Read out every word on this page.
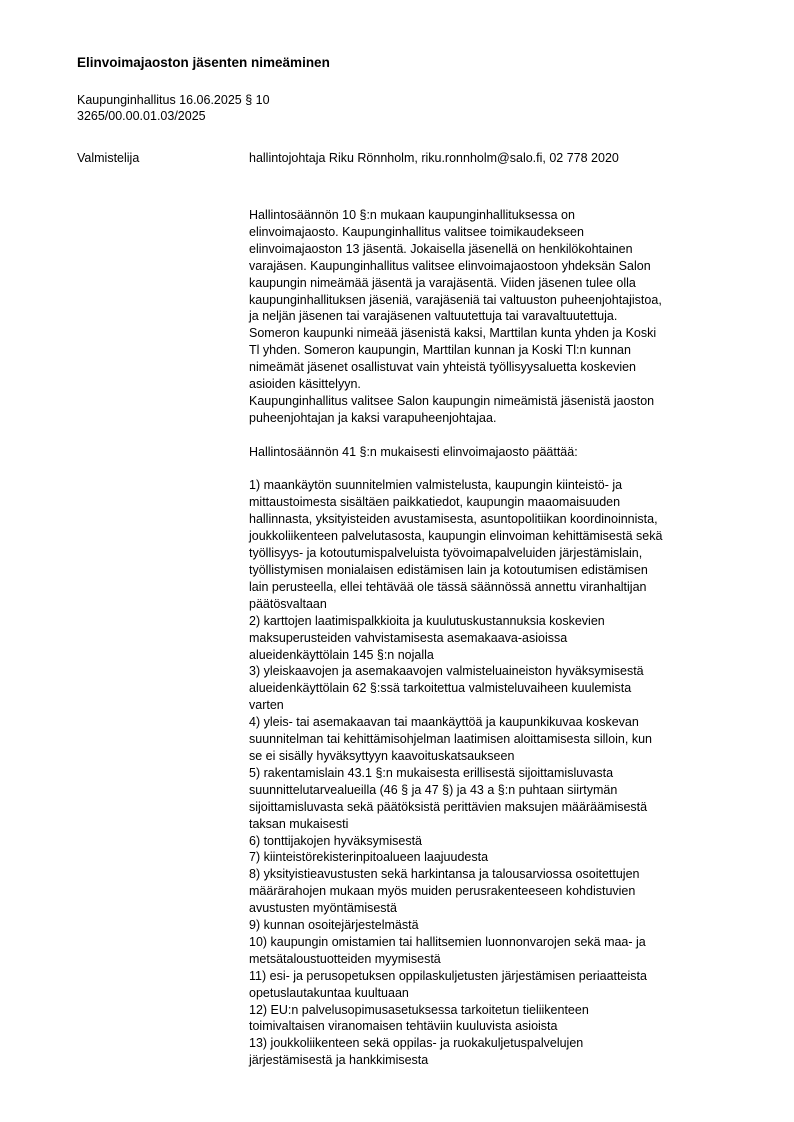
Elinvoimajaoston jäsenten nimeäminen
Kaupunginhallitus 16.06.2025 § 10
3265/00.00.01.03/2025
Valmistelija	hallintojohtaja Riku Rönnholm, riku.ronnholm@salo.fi, 02 778 2020

Hallintosäännön 10 §:n mukaan kaupunginhallituksessa on
elinvoimajaosto. Kaupunginhallitus valitsee toimikaudekseen
elinvoimajaoston 13 jäsentä. Jokaisella jäsenellä on henkilökohtainen
varajäsen. Kaupunginhallitus valitsee elinvoimajaostoon yhdeksän Salon
kaupungin nimeämää jäsentä ja varajäsentä. Viiden jäsenen tulee olla
kaupunginhallituksen jäseniä, varajäseniä tai valtuuston puheenjohtajistoa,
ja neljän jäsenen tai varajäsenen valtuutettuja tai varavaltuutettuja.
Someron kaupunki nimeää jäsenistä kaksi, Marttilan kunta yhden ja Koski
Tl yhden. Someron kaupungin, Marttilan kunnan ja Koski Tl:n kunnan
nimeämät jäsenet osallistuvat vain yhteistä työllisyysaluetta koskevien
asioiden käsittelyyn.
Kaupunginhallitus valitsee Salon kaupungin nimeämistä jäsenistä jaoston
puheenjohtajan ja kaksi varapuheenjohtajaa.

Hallintosäännön 41 §:n mukaisesti elinvoimajaosto päättää:

1) maankäytön suunnitelmien valmistelusta, kaupungin kiinteistö- ja
mittaustoimesta sisältäen paikkatiedot, kaupungin maaomaisuuden
hallinnasta, yksityisteiden avustamisesta, asuntopolitiikan koordinoinnista,
joukkoliikenteen palvelutasosta, kaupungin elinvoiman kehittämisestä sekä
työllisyys- ja kotoutumispalveluista työvoimapalveluiden järjestämislain,
työllistymisen monialaisen edistämisen lain ja kotoutumisen edistämisen
lain perusteella, ellei tehtävää ole tässä säännössä annettu viranhaltijan
päätösvaltaan
2) karttojen laatimispalkkioita ja kuulutuskustannuksia koskevien
maksuperusteiden vahvistamisesta asemakaava-asioissa
alueidenkäyttölain 145 §:n nojalla
3) yleiskaavojen ja asemakaavojen valmisteluaineiston hyväksymisestä
alueidenkäyttölain 62 §:ssä tarkoitettua valmisteluvaiheen kuulemista
varten
4) yleis- tai asemakaavan tai maankäyttöä ja kaupunkikuvaa koskevan
suunnitelman tai kehittämisohjelman laatimisen aloittamisesta silloin, kun
se ei sisälly hyväksyttyyn kaavoituskatsaukseen
5) rakentamislain 43.1 §:n mukaisesta erillisestä sijoittamisluvasta
suunnittelutarvealueilla (46 § ja 47 §) ja 43 a §:n puhtaan siirtymän
sijoittamisluvasta sekä päätöksistä perittävien maksujen määräämisestä
taksan mukaisesti
6) tonttijakojen hyväksymisestä
7) kiinteistörekisterinpitoalueen laajuudesta
8) yksityistieavustusten sekä harkintansa ja talousarviossa osoitettujen
määrärahojen mukaan myös muiden perusrakenteeseen kohdistuvien
avustusten myöntämisestä
9) kunnan osoitejärjestelmästä
10) kaupungin omistamien tai hallitsemien luonnonvarojen sekä maa- ja
metsätaloustuotteiden myymisestä
11) esi- ja perusopetuksen oppilaskuljetusten järjestämisen periaatteista
opetuslautakuntaa kuultuaan
12) EU:n palvelusopimusasetuksessa tarkoitetun tieliikenteen
toimivaltaisen viranomaisen tehtäviin kuuluvista asioista
13) joukkoliikenteen sekä oppilas- ja ruokakuljetuspalvelujen
järjestämisestä ja hankkimisesta
